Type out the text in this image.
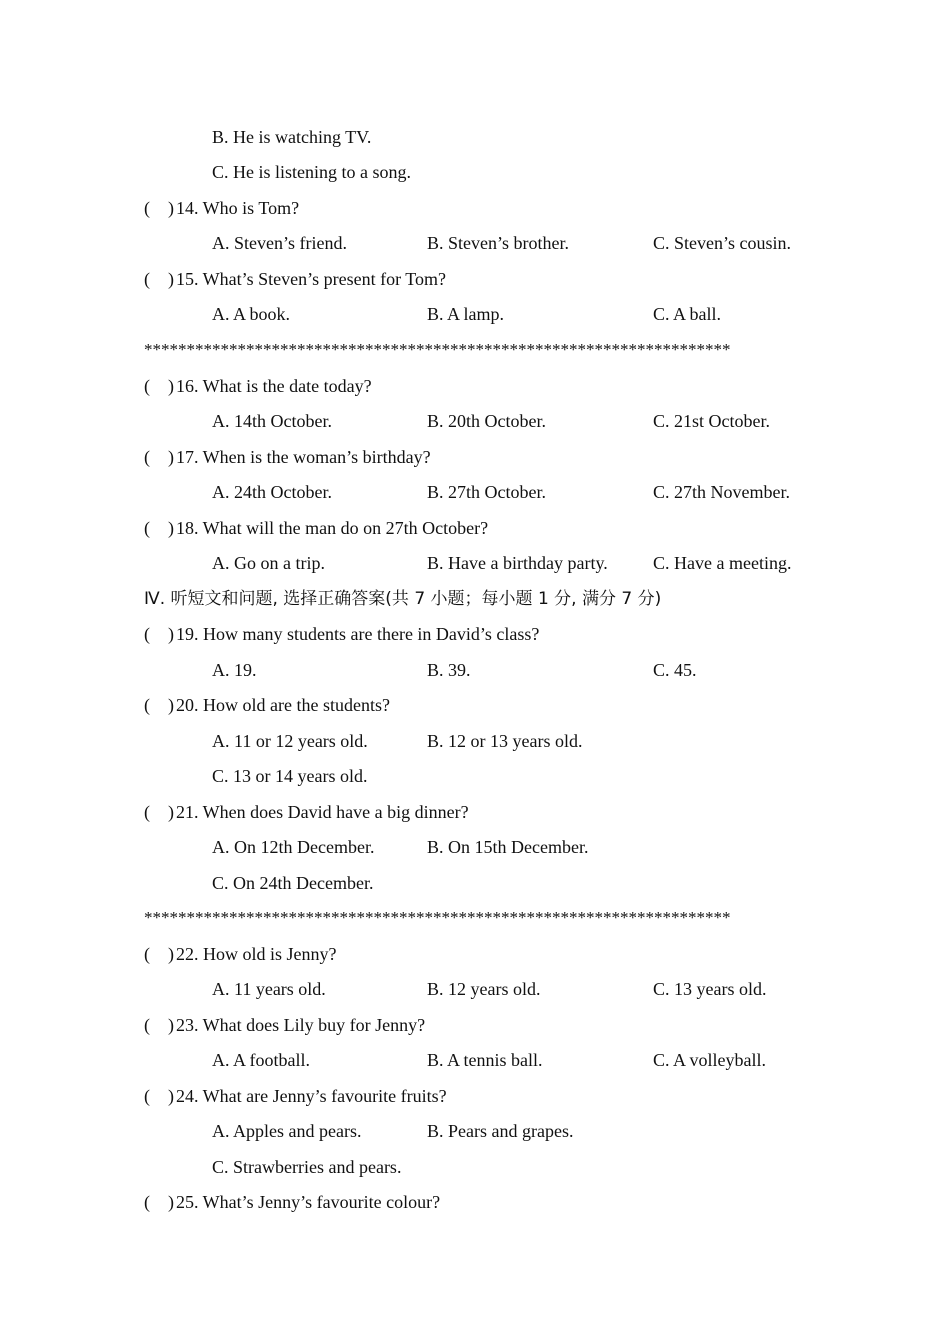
B. He is watching TV.
C. He is listening to a song.
(    ) 14. Who is Tom?
A. Steven’s friend.	B. Steven’s brother.	C. Steven’s cousin.
(    ) 15. What’s Steven’s present for Tom?
A. A book.	B. A lamp.	C. A ball.
*********************************************************************
(    ) 16. What is the date today?
A. 14th October.	B. 20th October.	C. 21st October.
(    ) 17. When is the woman’s birthday?
A. 24th October.	B. 27th October.	C. 27th November.
(    ) 18. What will the man do on 27th October?
A. Go on a trip.	B. Have a birthday party.	C. Have a meeting.
Ⅳ. 听短文和问题, 选择正确答案(共 7 小题；每小题 1 分, 满分 7 分)
(    ) 19. How many students are there in David’s class?
A. 19.	B. 39.	C. 45.
(    ) 20. How old are the students?
A. 11 or 12 years old.	B. 12 or 13 years old.
C. 13 or 14 years old.
(    ) 21. When does David have a big dinner?
A. On 12th December.	B. On 15th December.
C. On 24th December.
*********************************************************************
(    ) 22. How old is Jenny?
A. 11 years old.	B. 12 years old.	C. 13 years old.
(    ) 23. What does Lily buy for Jenny?
A. A football.	B. A tennis ball.	C. A volleyball.
(    ) 24. What are Jenny’s favourite fruits?
A. Apples and pears.	B. Pears and grapes.
C. Strawberries and pears.
(    ) 25. What’s Jenny’s favourite colour?
